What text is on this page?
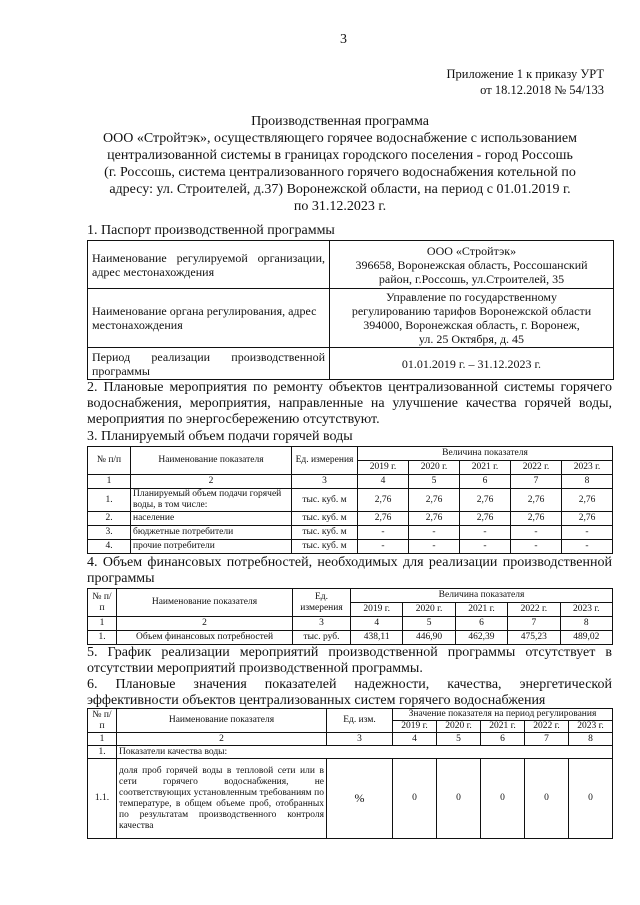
3
Приложение 1 к приказу УРТ
от 18.12.2018 № 54/133
Производственная программа
ООО «Стройтэк», осуществляющего горячее водоснабжение с использованием
централизованной системы в границах городского поселения - город Россошь
(г. Россошь, система централизованного горячего водоснабжения котельной по
адресу: ул. Строителей, д.37) Воронежской области, на период с 01.01.2019 г.
по 31.12.2023 г.
1. Паспорт производственной программы
Наименование регулируемой организации, адрес местонахождения	ООО «Стройтэк»
396658, Воронежская область, Россошанский
район, г.Россошь, ул.Строителей, 35

Наименование органа регулирования, адрес местонахождения	Управление по государственному
регулированию тарифов Воронежской области
394000, Воронежская область, г. Воронеж,
ул. 25 Октября, д. 45

Период реализации производственной программы	01.01.2019 г. – 31.12.2023 г.
2. Плановые мероприятия по ремонту объектов централизованной системы горячего водоснабжения, мероприятия, направленные на улучшение качества горячей воды, мероприятия по энергосбережению отсутствуют.
3. Планируемый объем подачи горячей воды
№ п/п	Наименование показателя	Ед. измерения	Величина показателя				
			2019 г.	2020 г.	2021 г.	2022 г.	2023 г.
1	2	3	4	5	6	7	8
1.	Планируемый объем подачи горячей воды, в том числе:	тыс. куб. м	2,76	2,76	2,76	2,76	2,76
2.	население	тыс. куб. м	2,76	2,76	2,76	2,76	2,76
3.	бюджетные потребители	тыс. куб. м	-	-	-	-	-
4.	прочие потребители	тыс. куб. м	-	-	-	-	-
4. Объем финансовых потребностей, необходимых для реализации производственной программы
№ п/п	Наименование показателя	Ед. измерения	Величина показателя				
			2019 г.	2020 г.	2021 г.	2022 г.	2023 г.
1	2	3	4	5	6	7	8
1.	Объем финансовых потребностей	тыс. руб.	438,11	446,90	462,39	475,23	489,02
5. График реализации мероприятий производственной программы отсутствует в отсутствии мероприятий производственной программы.
6. Плановые значения показателей надежности, качества, энергетической эффективности объектов централизованных систем горячего водоснабжения
№ п/п	Наименование показателя	Ед. изм.	Значение показателя на период регулирования				
			2019 г.	2020 г.	2021 г.	2022 г.	2023 г.
1	2	3	4	5	6	7	8
1.	Показатели качества воды:						
1.1.	доля проб горячей воды в тепловой сети или в сети горячего водоснабжения, не соответствующих установленным требованиям по температуре, в общем объеме проб, отобранных по результатам производственного контроля качества	%	0	0	0	0	0
